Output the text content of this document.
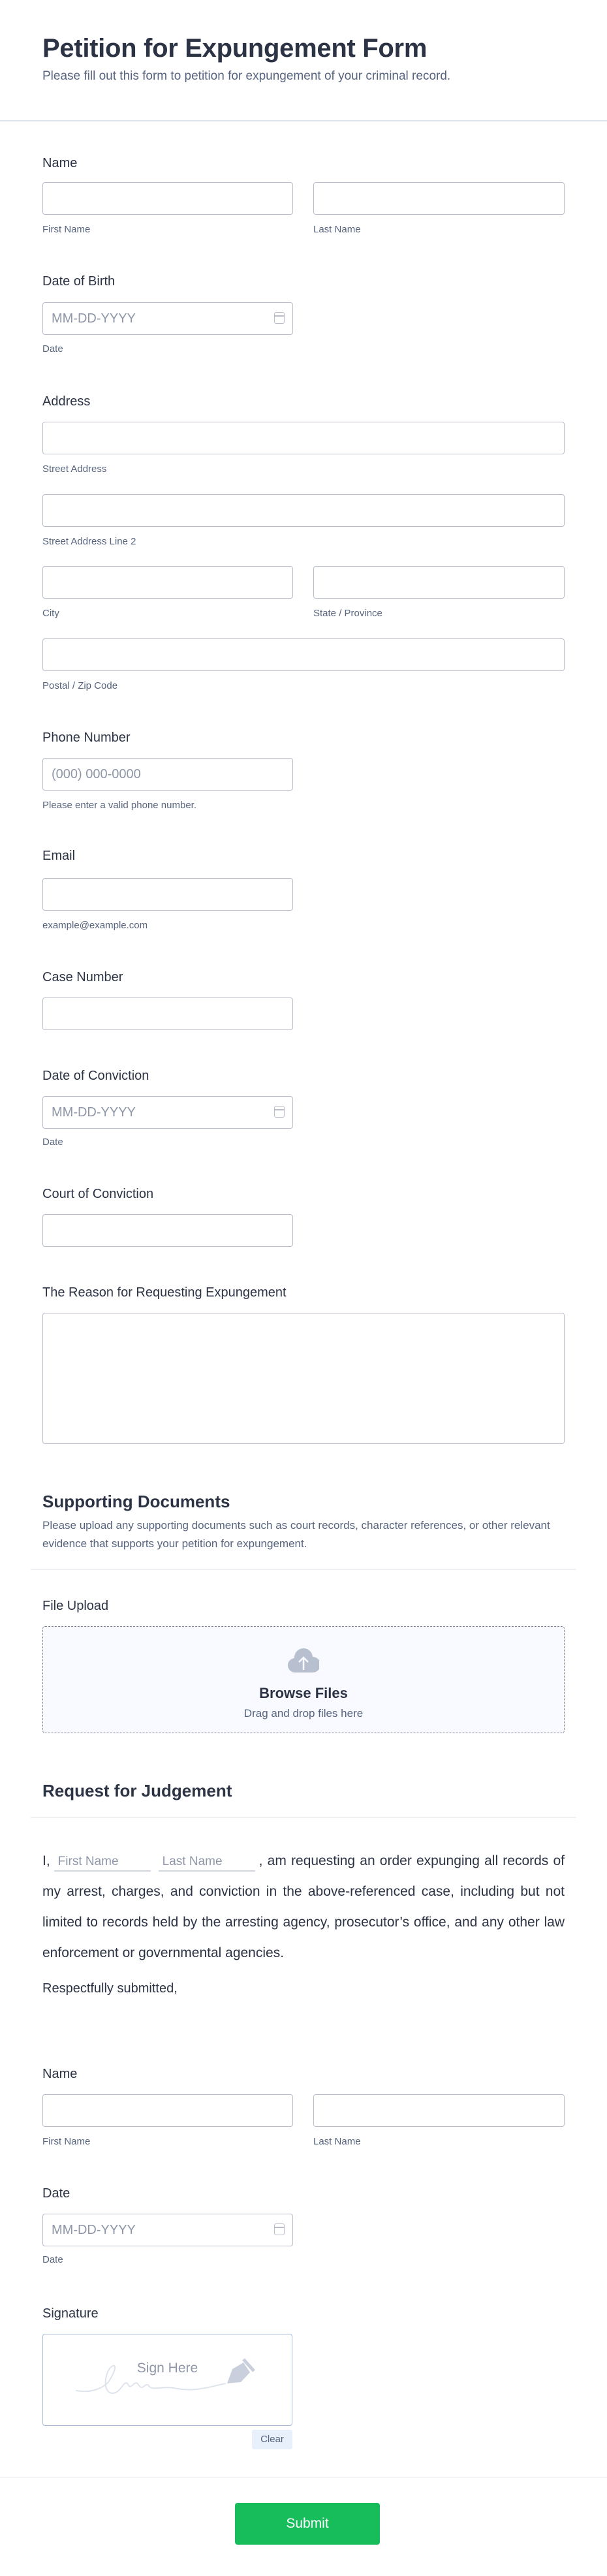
Petition for Expungement Form
Please fill out this form to petition for expungement of your criminal record.
Name
First Name	Last Name
Date of Birth
MM-DD-YYYY
Date
Address
Street Address
Street Address Line 2
City	State / Province
Postal / Zip Code
Phone Number
(000) 000-0000
Please enter a valid phone number.
Email
example@example.com
Case Number
Date of Conviction
MM-DD-YYYY
Date
Court of Conviction
The Reason for Requesting Expungement
Supporting Documents
Please upload any supporting documents such as court records, character references, or other relevant evidence that supports your petition for expungement.
File Upload
Browse Files
Drag and drop files here
Request for Judgement
I, First Name	Last Name	, am requesting an order expunging all records of my arrest, charges, and conviction in the above-referenced case, including but not limited to records held by the arresting agency, prosecutor’s office, and any other law enforcement or governmental agencies.
Respectfully submitted,
Name
First Name	Last Name
Date
MM-DD-YYYY
Date
Signature
Sign Here
Clear
Submit
